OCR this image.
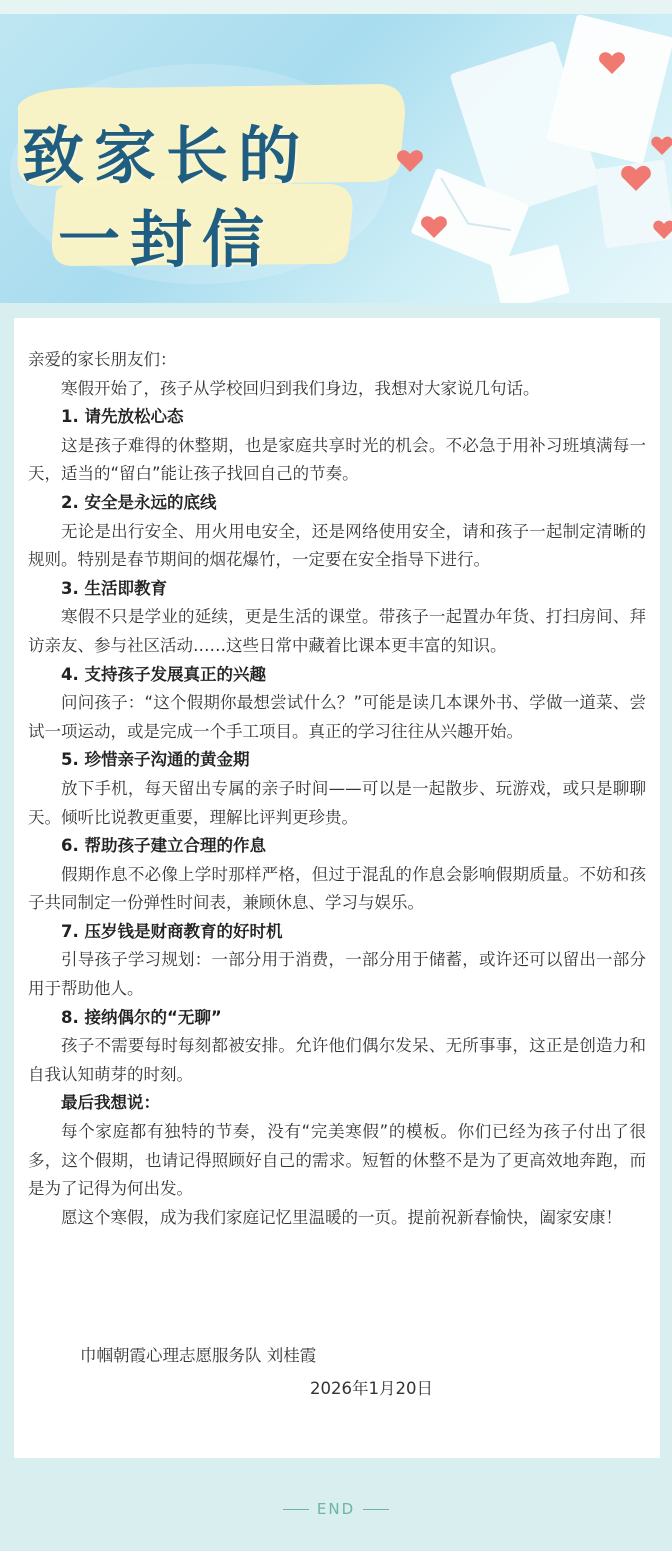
致家长的
一封信

亲爱的家长朋友们：

寒假开始了，孩子从学校回归到我们身边，我想对大家说几句话。

1. 请先放松心态

这是孩子难得的休整期，也是家庭共享时光的机会。不必急于用补习班填满每一天，适当的“留白”能让孩子找回自己的节奏。

2. 安全是永远的底线

无论是出行安全、用火用电安全，还是网络使用安全，请和孩子一起制定清晰的规则。特别是春节期间的烟花爆竹，一定要在安全指导下进行。

3. 生活即教育

寒假不只是学业的延续，更是生活的课堂。带孩子一起置办年货、打扫房间、拜访亲友、参与社区活动……这些日常中藏着比课本更丰富的知识。

4. 支持孩子发展真正的兴趣

问问孩子：“这个假期你最想尝试什么？”可能是读几本课外书、学做一道菜、尝试一项运动，或是完成一个手工项目。真正的学习往往从兴趣开始。

5. 珍惜亲子沟通的黄金期

放下手机，每天留出专属的亲子时间——可以是一起散步、玩游戏，或只是聊聊天。倾听比说教更重要，理解比评判更珍贵。

6. 帮助孩子建立合理的作息

假期作息不必像上学时那样严格，但过于混乱的作息会影响假期质量。不妨和孩子共同制定一份弹性时间表，兼顾休息、学习与娱乐。

7. 压岁钱是财商教育的好时机

引导孩子学习规划：一部分用于消费，一部分用于储蓄，或许还可以留出一部分用于帮助他人。

8. 接纳偶尔的“无聊”

孩子不需要每时每刻都被安排。允许他们偶尔发呆、无所事事，这正是创造力和自我认知萌芽的时刻。

最后我想说：

每个家庭都有独特的节奏，没有“完美寒假”的模板。你们已经为孩子付出了很多，这个假期，也请记得照顾好自己的需求。短暂的休整不是为了更高效地奔跑，而是为了记得为何出发。

愿这个寒假，成为我们家庭记忆里温暖的一页。提前祝新春愉快，阖家安康！

巾帼朝霞心理志愿服务队 刘桂霞
2026年1月20日
END
